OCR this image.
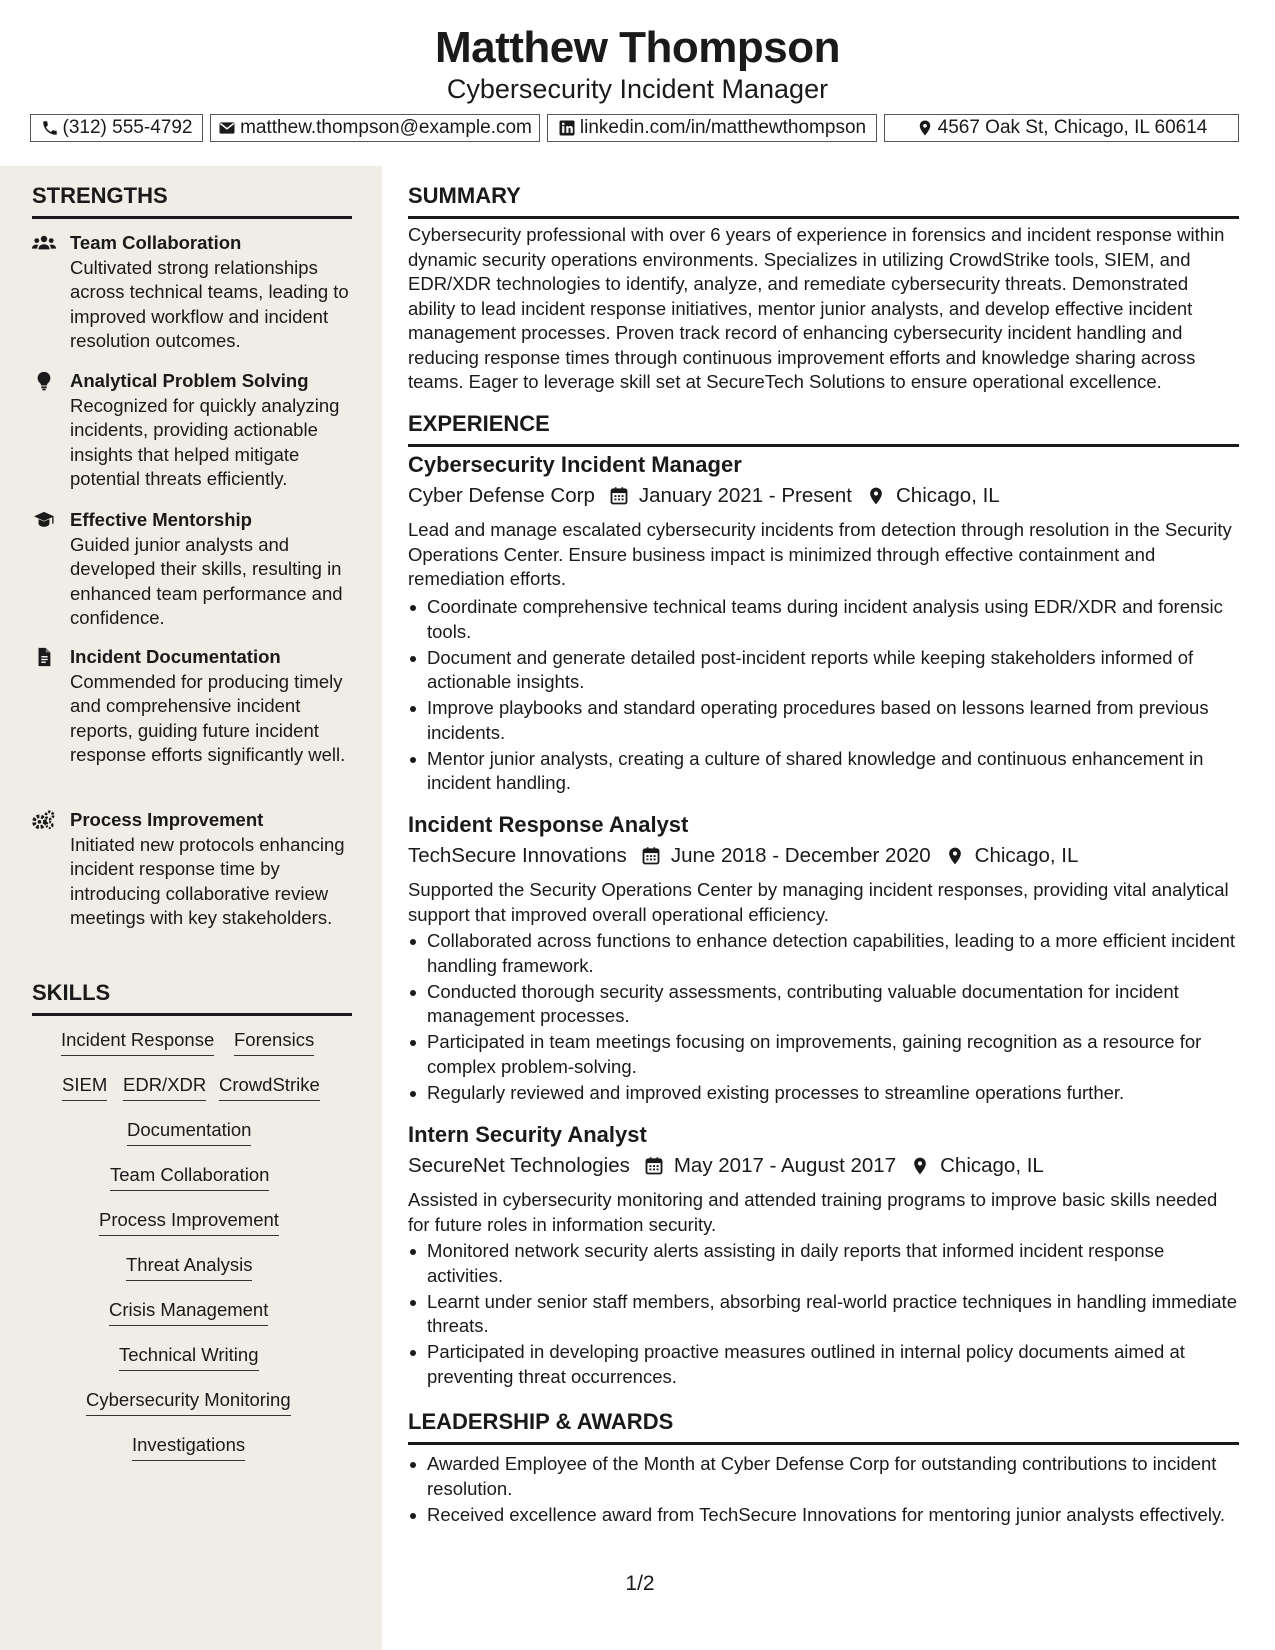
Matthew Thompson
Cybersecurity Incident Manager
(312) 555-4792	matthew.thompson@example.com	linkedin.com/in/matthewthompson	4567 Oak St, Chicago, IL 60614
STRENGTHS
Team Collaboration
Cultivated strong relationships across technical teams, leading to improved workflow and incident resolution outcomes.
Analytical Problem Solving
Recognized for quickly analyzing incidents, providing actionable insights that helped mitigate potential threats efficiently.
Effective Mentorship
Guided junior analysts and developed their skills, resulting in enhanced team performance and confidence.
Incident Documentation
Commended for producing timely and comprehensive incident reports, guiding future incident response efforts significantly well.
Process Improvement
Initiated new protocols enhancing incident response time by introducing collaborative review meetings with key stakeholders.
SKILLS
Incident Response Forensics
SIEM EDR/XDR CrowdStrike
Documentation
Team Collaboration
Process Improvement
Threat Analysis
Crisis Management
Technical Writing
Cybersecurity Monitoring
Investigations
SUMMARY
Cybersecurity professional with over 6 years of experience in forensics and incident response within dynamic security operations environments. Specializes in utilizing CrowdStrike tools, SIEM, and EDR/XDR technologies to identify, analyze, and remediate cybersecurity threats. Demonstrated ability to lead incident response initiatives, mentor junior analysts, and develop effective incident management processes. Proven track record of enhancing cybersecurity incident handling and reducing response times through continuous improvement efforts and knowledge sharing across teams. Eager to leverage skill set at SecureTech Solutions to ensure operational excellence.
EXPERIENCE
Cybersecurity Incident Manager
Cyber Defense Corp January 2021 - Present Chicago, IL
Lead and manage escalated cybersecurity incidents from detection through resolution in the Security Operations Center. Ensure business impact is minimized through effective containment and remediation efforts.
Coordinate comprehensive technical teams during incident analysis using EDR/XDR and forensic tools.
Document and generate detailed post-incident reports while keeping stakeholders informed of actionable insights.
Improve playbooks and standard operating procedures based on lessons learned from previous incidents.
Mentor junior analysts, creating a culture of shared knowledge and continuous enhancement in incident handling.
Incident Response Analyst
TechSecure Innovations June 2018 - December 2020 Chicago, IL
Supported the Security Operations Center by managing incident responses, providing vital analytical support that improved overall operational efficiency.
Collaborated across functions to enhance detection capabilities, leading to a more efficient incident handling framework.
Conducted thorough security assessments, contributing valuable documentation for incident management processes.
Participated in team meetings focusing on improvements, gaining recognition as a resource for complex problem-solving.
Regularly reviewed and improved existing processes to streamline operations further.
Intern Security Analyst
SecureNet Technologies May 2017 - August 2017 Chicago, IL
Assisted in cybersecurity monitoring and attended training programs to improve basic skills needed for future roles in information security.
Monitored network security alerts assisting in daily reports that informed incident response activities.
Learnt under senior staff members, absorbing real-world practice techniques in handling immediate threats.
Participated in developing proactive measures outlined in internal policy documents aimed at preventing threat occurrences.
LEADERSHIP & AWARDS
Awarded Employee of the Month at Cyber Defense Corp for outstanding contributions to incident resolution.
Received excellence award from TechSecure Innovations for mentoring junior analysts effectively.
1/2
